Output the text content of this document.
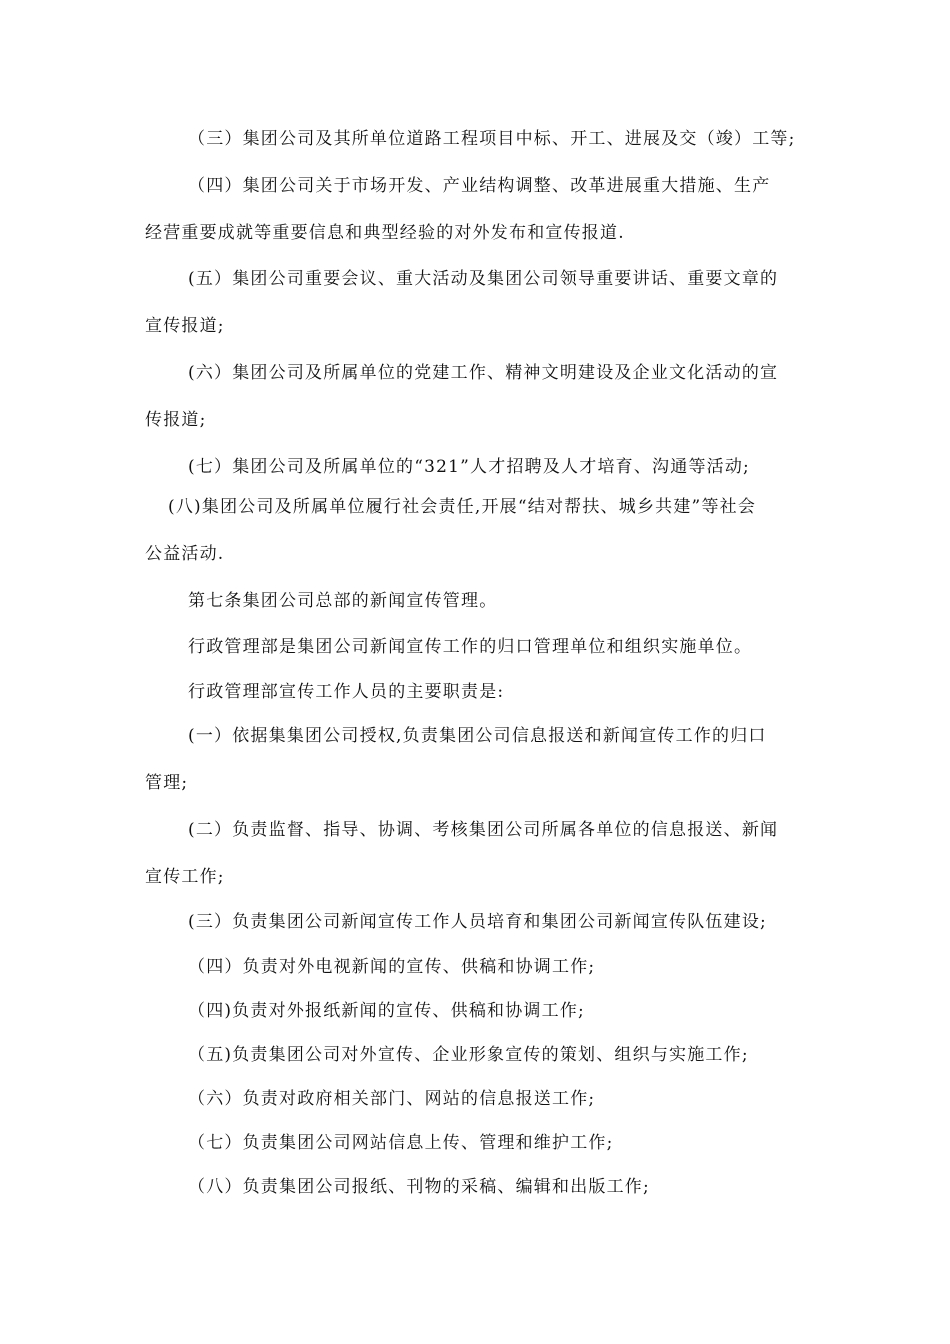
（三）集团公司及其所单位道路工程项目中标、开工、进展及交（竣）工等;
（四）集团公司关于市场开发、产业结构调整、改革进展重大措施、生产
经营重要成就等重要信息和典型经验的对外发布和宣传报道.
(五）集团公司重要会议、重大活动及集团公司领导重要讲话、重要文章的
宣传报道;
(六）集团公司及所属单位的党建工作、精神文明建设及企业文化活动的宣
传报道;
(七）集团公司及所属单位的“321”人才招聘及人才培育、沟通等活动;
(八)集团公司及所属单位履行社会责任,开展“结对帮扶、城乡共建”等社会
公益活动.
第七条集团公司总部的新闻宣传管理。
行政管理部是集团公司新闻宣传工作的归口管理单位和组织实施单位。
行政管理部宣传工作人员的主要职责是:
(一）依据集集团公司授权,负责集团公司信息报送和新闻宣传工作的归口
管理;
(二）负责监督、指导、协调、考核集团公司所属各单位的信息报送、新闻
宣传工作;
(三）负责集团公司新闻宣传工作人员培育和集团公司新闻宣传队伍建设;
（四）负责对外电视新闻的宣传、供稿和协调工作;
（四)负责对外报纸新闻的宣传、供稿和协调工作;
（五)负责集团公司对外宣传、企业形象宣传的策划、组织与实施工作;
（六）负责对政府相关部门、网站的信息报送工作;
（七）负责集团公司网站信息上传、管理和维护工作;
（八）负责集团公司报纸、刊物的采稿、编辑和出版工作;
